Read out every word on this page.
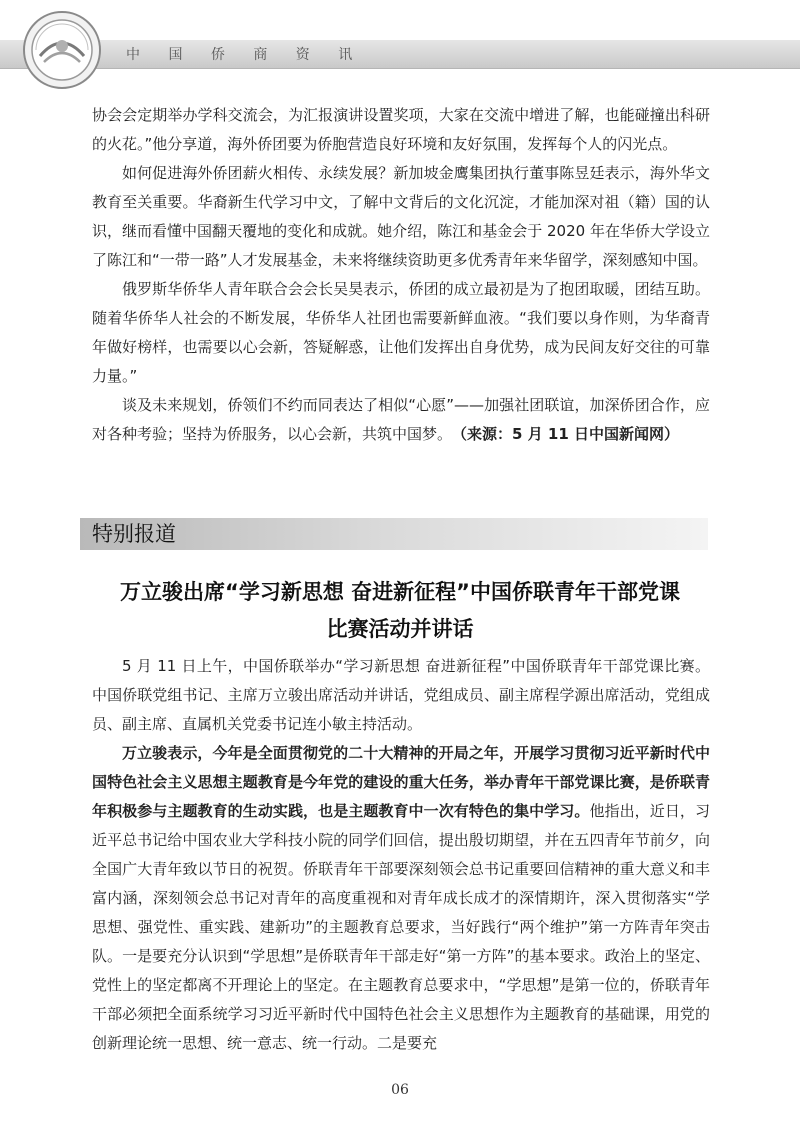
中 国 侨 商 资 讯

协会会定期举办学科交流会，为汇报演讲设置奖项，大家在交流中增进了解，也能碰撞出科研的火花。”他分享道，海外侨团要为侨胞营造良好环境和友好氛围，发挥每个人的闪光点。

如何促进海外侨团薪火相传、永续发展？新加坡金鹰集团执行董事陈昱廷表示，海外华文教育至关重要。华裔新生代学习中文，了解中文背后的文化沉淀，才能加深对祖（籍）国的认识，继而看懂中国翻天覆地的变化和成就。她介绍，陈江和基金会于 2020 年在华侨大学设立了陈江和“一带一路”人才发展基金，未来将继续资助更多优秀青年来华留学，深刻感知中国。

俄罗斯华侨华人青年联合会会长吴昊表示，侨团的成立最初是为了抱团取暖，团结互助。随着华侨华人社会的不断发展，华侨华人社团也需要新鲜血液。“我们要以身作则，为华裔青年做好榜样，也需要以心会新，答疑解惑，让他们发挥出自身优势，成为民间友好交往的可靠力量。”

谈及未来规划，侨领们不约而同表达了相似“心愿”——加强社团联谊，加深侨团合作，应对各种考验；坚持为侨服务，以心会新，共筑中国梦。　 （来源：5 月 11 日中国新闻网）

特别报道
万立骏出席“学习新思想 奋进新征程”中国侨联青年干部党课
比赛活动并讲话

5 月 11 日上午，中国侨联举办“学习新思想 奋进新征程”中国侨联青年干部党课比赛。中国侨联党组书记、主席万立骏出席活动并讲话，党组成员、副主席程学源出席活动，党组成员、副主席、直属机关党委书记连小敏主持活动。

万立骏表示，今年是全面贯彻党的二十大精神的开局之年，开展学习贯彻习近平新时代中国特色社会主义思想主题教育是今年党的建设的重大任务，举办青年干部党课比赛，是侨联青年积极参与主题教育的生动实践，也是主题教育中一次有特色的集中学习。他指出，近日，习近平总书记给中国农业大学科技小院的同学们回信，提出殷切期望，并在五四青年节前夕，向全国广大青年致以节日的祝贺。侨联青年干部要深刻领会总书记重要回信精神的重大意义和丰富内涵，深刻领会总书记对青年的高度重视和对青年成长成才的深情期许，深入贯彻落实“学思想、强党性、重实践、建新功”的主题教育总要求，当好践行“两个维护”第一方阵青年突击队。一是要充分认识到“学思想”是侨联青年干部走好“第一方阵”的基本要求。政治上的坚定、党性上的坚定都离不开理论上的坚定。在主题教育总要求中，“学思想”是第一位的，侨联青年干部必须把全面系统学习习近平新时代中国特色社会主义思想作为主题教育的基础课，用党的创新理论统一思想、统一意志、统一行动。二是要充

06
